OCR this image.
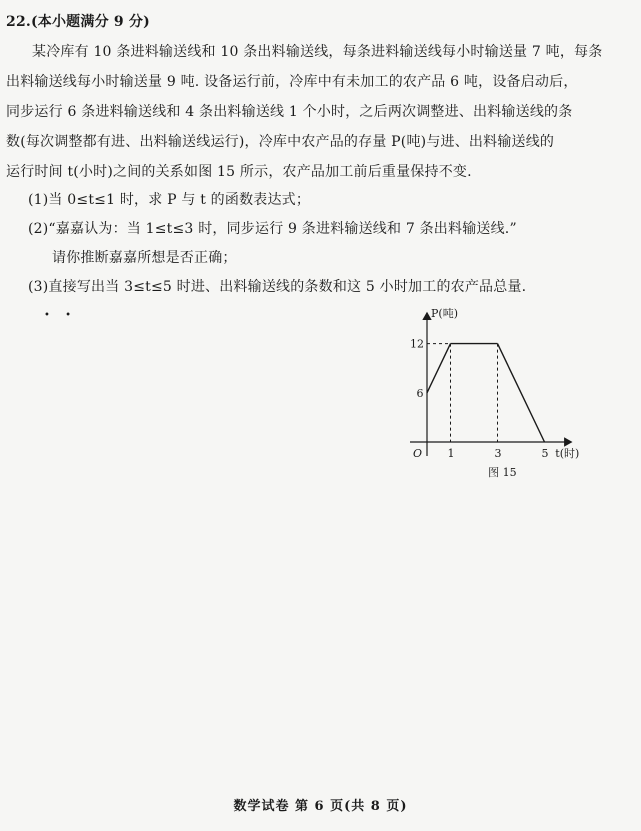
22.(本小题满分 9 分)
某冷库有 10 条进料输送线和 10 条出料输送线，每条进料输送线每小时输送量 7 吨，每条
出料输送线每小时输送量 9 吨. 设备运行前，冷库中有未加工的农产品 6 吨，设备启动后，
同步运行 6 条进料输送线和 4 条出料输送线 1 个小时，之后两次调整进、出料输送线的条
数(每次调整都有进、出料输送线运行)，冷库中农产品的存量 P(吨)与进、出料输送线的
运行时间 t(小时)之间的关系如图 15 所示，农产品加工前后重量保持不变.
(1)当 0≤t≤1 时，求 P 与 t 的函数表达式；
(2)“嘉嘉认为：当 1≤t≤3 时，同步运行 9 条进料输送线和 7 条出料输送线.”
请你推断嘉嘉所想是否正确；
(3)直接写出当 3≤t≤5 时进、出料输送线的条数和这 5 小时加工的农产品总量.
• •
1	3	5
6
12
O
P(吨)
t(时)
图 15
数学试卷 第 6 页(共 8 页)
